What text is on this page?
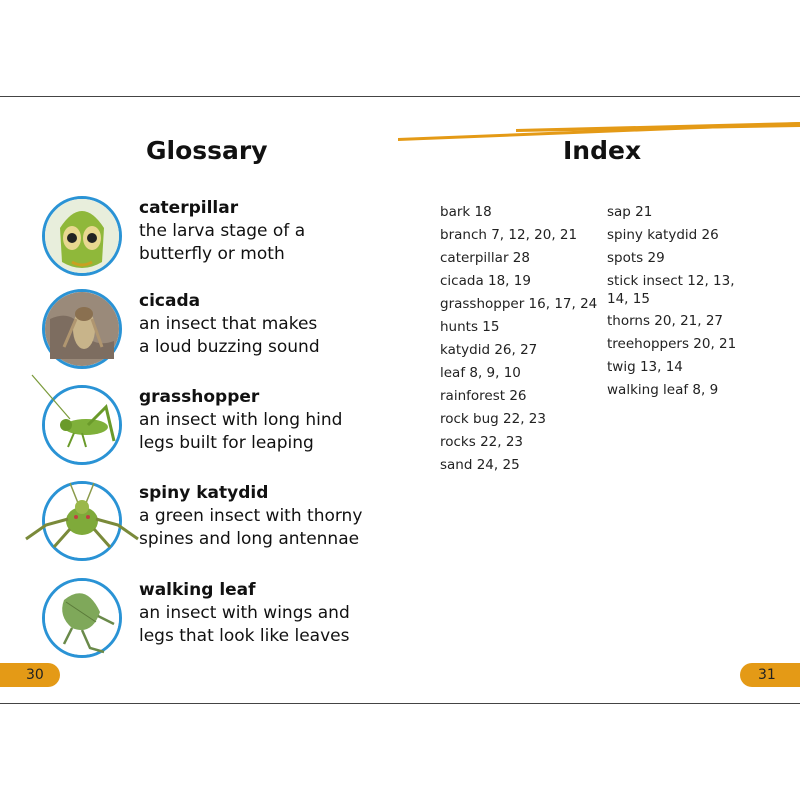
Glossary	Index
caterpillar
the larva stage of a
butterfly or moth
cicada
an insect that makes
a loud buzzing sound
grasshopper
an insect with long hind
legs built for leaping
spiny katydid
a green insect with thorny
spines and long antennae
walking leaf
an insect with wings and
legs that look like leaves
bark 18
branch 7, 12, 20, 21
caterpillar 28
cicada 18, 19
grasshopper 16, 17, 24
hunts 15
katydid 26, 27
leaf 8, 9, 10
rainforest 26
rock bug 22, 23
rocks 22, 23
sand 24, 25
sap 21
spiny katydid 26
spots 29
stick insect 12, 13, 14, 15
thorns 20, 21, 27
treehoppers 20, 21
twig 13, 14
walking leaf 8, 9
30	31
